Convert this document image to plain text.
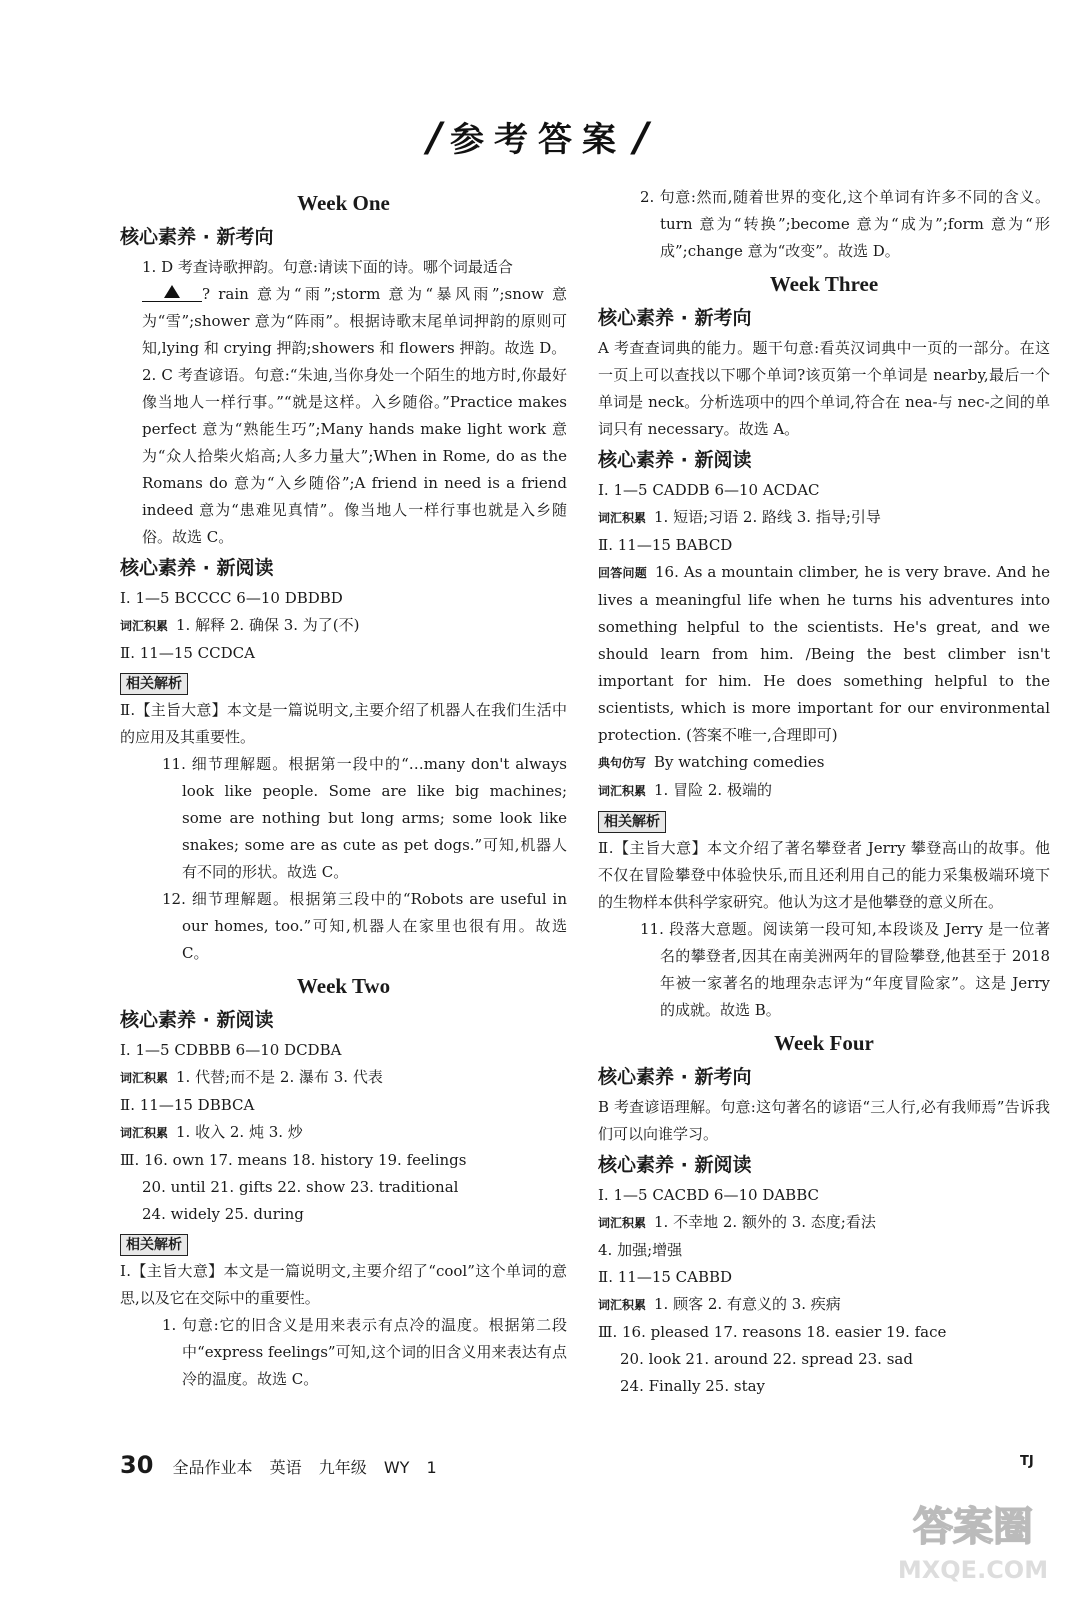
/ 参考答案 /
Week One
核心素养 · 新考向

1. D 考查诗歌押韵。句意:请读下面的诗。哪个词最适合

? rain 意为“雨”;storm 意为“暴风雨”;snow 意为“雪”;shower 意为“阵雨”。根据诗歌末尾单词押韵的原则可知,lying 和 crying 押韵;showers 和 flowers 押韵。故选 D。

2. C 考查谚语。句意:“朱迪,当你身处一个陌生的地方时,你最好像当地人一样行事。”“就是这样。入乡随俗。”Practice makes perfect 意为“熟能生巧”;Many hands make light work 意为“众人拾柴火焰高;人多力量大”;When in Rome, do as the Romans do 意为“入乡随俗”;A friend in need is a friend indeed 意为“患难见真情”。像当地人一样行事也就是入乡随俗。故选 C。

核心素养 · 新阅读

Ⅰ. 1—5 BCCCC 6—10 DBDBD

词汇积累 1. 解释 2. 确保 3. 为了(不)

Ⅱ. 11—15 CCDCA

相关解析

Ⅱ.【主旨大意】本文是一篇说明文,主要介绍了机器人在我们生活中的应用及其重要性。

11. 细节理解题。根据第一段中的“…many don't always look like people. Some are like big machines; some are nothing but long arms; some look like snakes; some are as cute as pet dogs.”可知,机器人有不同的形状。故选 C。

12. 细节理解题。根据第三段中的“Robots are useful in our homes, too.”可知,机器人在家里也很有用。故选 C。

Week Two
核心素养 · 新阅读

Ⅰ. 1—5 CDBBB 6—10 DCDBA

词汇积累 1. 代替;而不是 2. 瀑布 3. 代表

Ⅱ. 11—15 DBBCA

词汇积累 1. 收入 2. 炖 3. 炒

Ⅲ. 16. own 17. means 18. history 19. feelings

20. until 21. gifts 22. show 23. traditional

24. widely 25. during

相关解析

Ⅰ.【主旨大意】本文是一篇说明文,主要介绍了“cool”这个单词的意思,以及它在交际中的重要性。

1. 句意:它的旧含义是用来表示有点冷的温度。根据第二段中“express feelings”可知,这个词的旧含义用来表达有点冷的温度。故选 C。

2. 句意:然而,随着世界的变化,这个单词有许多不同的含义。turn 意为“转换”;become 意为“成为”;form 意为“形成”;change 意为“改变”。故选 D。

Week Three
核心素养 · 新考向

A 考查查词典的能力。题干句意:看英汉词典中一页的一部分。在这一页上可以查找以下哪个单词?该页第一个单词是 nearby,最后一个单词是 neck。分析选项中的四个单词,符合在 nea-与 nec-之间的单词只有 necessary。故选 A。

核心素养 · 新阅读

Ⅰ. 1—5 CADDB 6—10 ACDAC

词汇积累 1. 短语;习语 2. 路线 3. 指导;引导

Ⅱ. 11—15 BABCD

回答问题 16. As a mountain climber, he is very brave. And he lives a meaningful life when he turns his adventures into something helpful to the scientists. He's great, and we should learn from him. /Being the best climber isn't important for him. He does something helpful to the scientists, which is more important for our environmental protection. (答案不唯一,合理即可)

典句仿写 By watching comedies

词汇积累 1. 冒险 2. 极端的

相关解析

Ⅱ.【主旨大意】本文介绍了著名攀登者 Jerry 攀登高山的故事。他不仅在冒险攀登中体验快乐,而且还利用自己的能力采集极端环境下的生物样本供科学家研究。他认为这才是他攀登的意义所在。

11. 段落大意题。阅读第一段可知,本段谈及 Jerry 是一位著名的攀登者,因其在南美洲两年的冒险攀登,他甚至于 2018 年被一家著名的地理杂志评为“年度冒险家”。这是 Jerry 的成就。故选 B。

Week Four
核心素养 · 新考向

B 考查谚语理解。句意:这句著名的谚语“三人行,必有我师焉”告诉我们可以向谁学习。

核心素养 · 新阅读

Ⅰ. 1—5 CACBD 6—10 DABBC

词汇积累 1. 不幸地 2. 额外的 3. 态度;看法

4. 加强;增强

Ⅱ. 11—15 CABBD

词汇积累 1. 顾客 2. 有意义的 3. 疾病

Ⅲ. 16. pleased 17. reasons 18. easier 19. face

20. look 21. around 22. spread 23. sad

24. Finally 25. stay

30 全品作业本 英语 九年级 WY 1	TJ
答案圈
MXQE.COM
